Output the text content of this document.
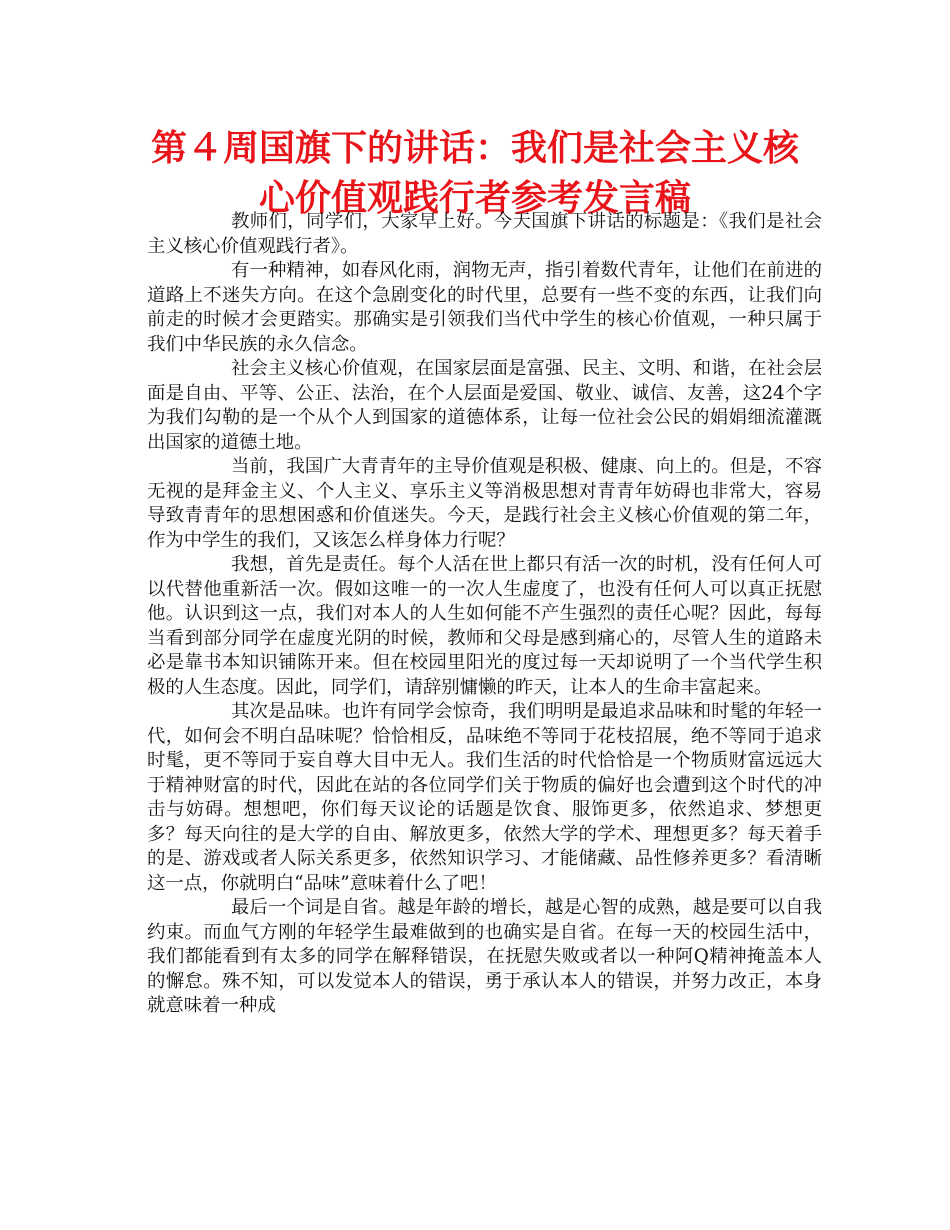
第４周国旗下的讲话：我们是社会主义核
心价值观践行者参考发言稿

教师们，同学们，大家早上好。今天国旗下讲话的标题是：《我们是社会主义核心价值观践行者》。

有一种精神，如春风化雨，润物无声，指引着数代青年，让他们在前进的道路上不迷失方向。在这个急剧变化的时代里，总要有一些不变的东西，让我们向前走的时候才会更踏实。那确实是引领我们当代中学生的核心价值观，一种只属于我们中华民族的永久信念。

社会主义核心价值观，在国家层面是富强、民主、文明、和谐，在社会层面是自由、平等、公正、法治，在个人层面是爱国、敬业、诚信、友善，这24个字为我们勾勒的是一个从个人到国家的道德体系，让每一位社会公民的娟娟细流灌溉出国家的道德土地。

当前，我国广大青青年的主导价值观是积极、健康、向上的。但是，不容无视的是拜金主义、个人主义、享乐主义等消极思想对青青年妨碍也非常大，容易导致青青年的思想困惑和价值迷失。今天，是践行社会主义核心价值观的第二年，作为中学生的我们，又该怎么样身体力行呢？

我想，首先是责任。每个人活在世上都只有活一次的时机，没有任何人可以代替他重新活一次。假如这唯一的一次人生虚度了，也没有任何人可以真正抚慰他。认识到这一点，我们对本人的人生如何能不产生强烈的责任心呢？因此，每每当看到部分同学在虚度光阴的时候，教师和父母是感到痛心的，尽管人生的道路未必是靠书本知识铺陈开来。但在校园里阳光的度过每一天却说明了一个当代学生积极的人生态度。因此，同学们，请辞别慵懒的昨天，让本人的生命丰富起来。

其次是品味。也许有同学会惊奇，我们明明是最追求品味和时髦的年轻一代，如何会不明白品味呢？恰恰相反，品味绝不等同于花枝招展，绝不等同于追求时髦，更不等同于妄自尊大目中无人。我们生活的时代恰恰是一个物质财富远远大于精神财富的时代，因此在站的各位同学们关于物质的偏好也会遭到这个时代的冲击与妨碍。想想吧，你们每天议论的话题是饮食、服饰更多，依然追求、梦想更多？每天向往的是大学的自由、解放更多，依然大学的学术、理想更多？每天着手的是、游戏或者人际关系更多，依然知识学习、才能储藏、品性修养更多？看清晰这一点，你就明白“品味”意味着什么了吧！

最后一个词是自省。越是年龄的增长，越是心智的成熟，越是要可以自我约束。而血气方刚的年轻学生最难做到的也确实是自省。在每一天的校园生活中，我们都能看到有太多的同学在解释错误，在抚慰失败或者以一种阿Q精神掩盖本人的懈怠。殊不知，可以发觉本人的错误，勇于承认本人的错误，并努力改正，本身就意味着一种成
